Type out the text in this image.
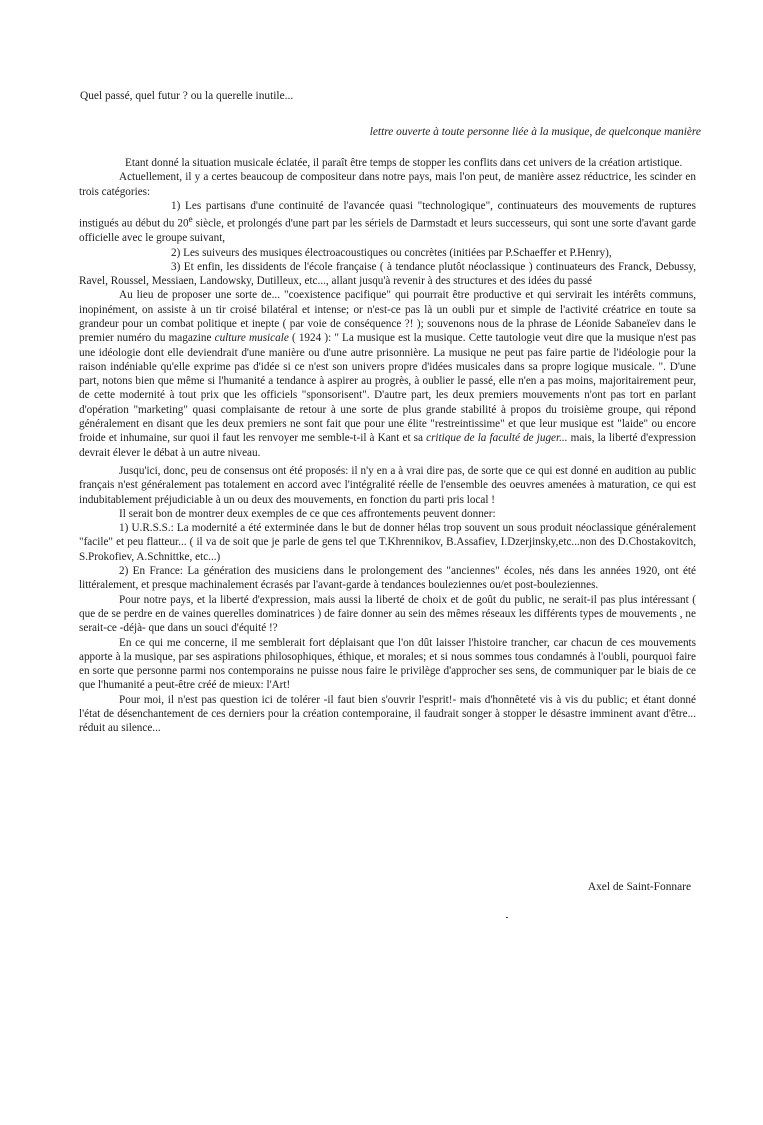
Quel passé, quel futur ? ou la querelle inutile...
lettre ouverte à toute personne liée à la musique, de quelconque manière

Etant donné la situation musicale éclatée, il paraît être temps de stopper les conflits dans cet univers de la création artistique.

Actuellement, il y a certes beaucoup de compositeur dans notre pays, mais l'on peut, de manière assez réductrice, les scinder en trois catégories:

1) Les partisans d'une continuité de l'avancée quasi "technologique", continuateurs des mouvements de ruptures instigués au début du 20e siècle, et prolongés d'une part par les sériels de Darmstadt et leurs successeurs, qui sont une sorte d'avant garde officielle avec le groupe suivant,

2) Les suiveurs des musiques électroacoustiques ou concrètes (initiées par P.Schaeffer et P.Henry),

3) Et enfin, les dissidents de l'école française ( à tendance plutôt néoclassique ) continuateurs des Franck, Debussy, Ravel, Roussel, Messiaen, Landowsky, Dutilleux, etc..., allant jusqu'à revenir à des structures et des idées du passé

Au lieu de proposer une sorte de... "coexistence pacifique" qui pourrait être productive et qui servirait les intérêts communs, inopinément, on assiste à un tir croisé bilatéral et intense; or n'est-ce pas là un oubli pur et simple de l'activité créatrice en toute sa grandeur pour un combat politique et inepte ( par voie de conséquence ?! ); souvenons nous de la phrase de Léonide Sabaneïev dans le premier numéro du magazine culture musicale ( 1924 ): " La musique est la musique. Cette tautologie veut dire que la musique n'est pas une idéologie dont elle deviendrait d'une manière ou d'une autre prisonnière. La musique ne peut pas faire partie de l'idéologie pour la raison indéniable qu'elle exprime pas d'idée si ce n'est son univers propre d'idées musicales dans sa propre logique musicale. ". D'une part, notons bien que même si l'humanité a tendance à aspirer au progrès, à oublier le passé, elle n'en a pas moins, majoritairement peur, de cette modernité à tout prix que les officiels "sponsorisent". D'autre part, les deux premiers mouvements n'ont pas tort en parlant d'opération "marketing" quasi complaisante de retour à une sorte de plus grande stabilité à propos du troisième groupe, qui répond généralement en disant que les deux premiers ne sont fait que pour une élite "restreintissime" et que leur musique est "laide" ou encore froide et inhumaine, sur quoi il faut les renvoyer me semble-t-il à Kant et sa critique de la faculté de juger... mais, la liberté d'expression devrait élever le débat à un autre niveau.

Jusqu'ici, donc, peu de consensus ont été proposés: il n'y en a à vrai dire pas, de sorte que ce qui est donné en audition au public français n'est généralement pas totalement en accord avec l'intégralité réelle de l'ensemble des oeuvres amenées à maturation, ce qui est indubitablement préjudiciable à un ou deux des mouvements, en fonction du parti pris local !

Il serait bon de montrer deux exemples de ce que ces affrontements peuvent donner:

1) U.R.S.S.: La modernité a été exterminée dans le but de donner hélas trop souvent un sous produit néoclassique généralement "facile" et peu flatteur... ( il va de soit que je parle de gens tel que T.Khrennikov, B.Assafiev, I.Dzerjinsky,etc...non des D.Chostakovitch, S.Prokofiev, A.Schnittke, etc...)

2) En France: La génération des musiciens dans le prolongement des "anciennes" écoles, nés dans les années 1920, ont été littéralement, et presque machinalement écrasés par l'avant-garde à tendances bouleziennes ou/et post-bouleziennes.

Pour notre pays, et la liberté d'expression, mais aussi la liberté de choix et de goût du public, ne serait-il pas plus intéressant ( que de se perdre en de vaines querelles dominatrices ) de faire donner au sein des mêmes réseaux les différents types de mouvements , ne serait-ce -déjà- que dans un souci d'équité !?

En ce qui me concerne, il me semblerait fort déplaisant que l'on dût laisser l'histoire trancher, car chacun de ces mouvements apporte à la musique, par ses aspirations philosophiques, éthique, et morales; et si nous sommes tous condamnés à l'oubli, pourquoi faire en sorte que personne parmi nos contemporains ne puisse nous faire le privilège d'approcher ses sens, de communiquer par le biais de ce que l'humanité a peut-être créé de mieux: l'Art!

Pour moi, il n'est pas question ici de tolérer -il faut bien s'ouvrir l'esprit!- mais d'honnêteté vis à vis du public; et étant donné l'état de désenchantement de ces derniers pour la création contemporaine, il faudrait songer à stopper le désastre imminent avant d'être... réduit au silence...

Axel de Saint-Fonnare
